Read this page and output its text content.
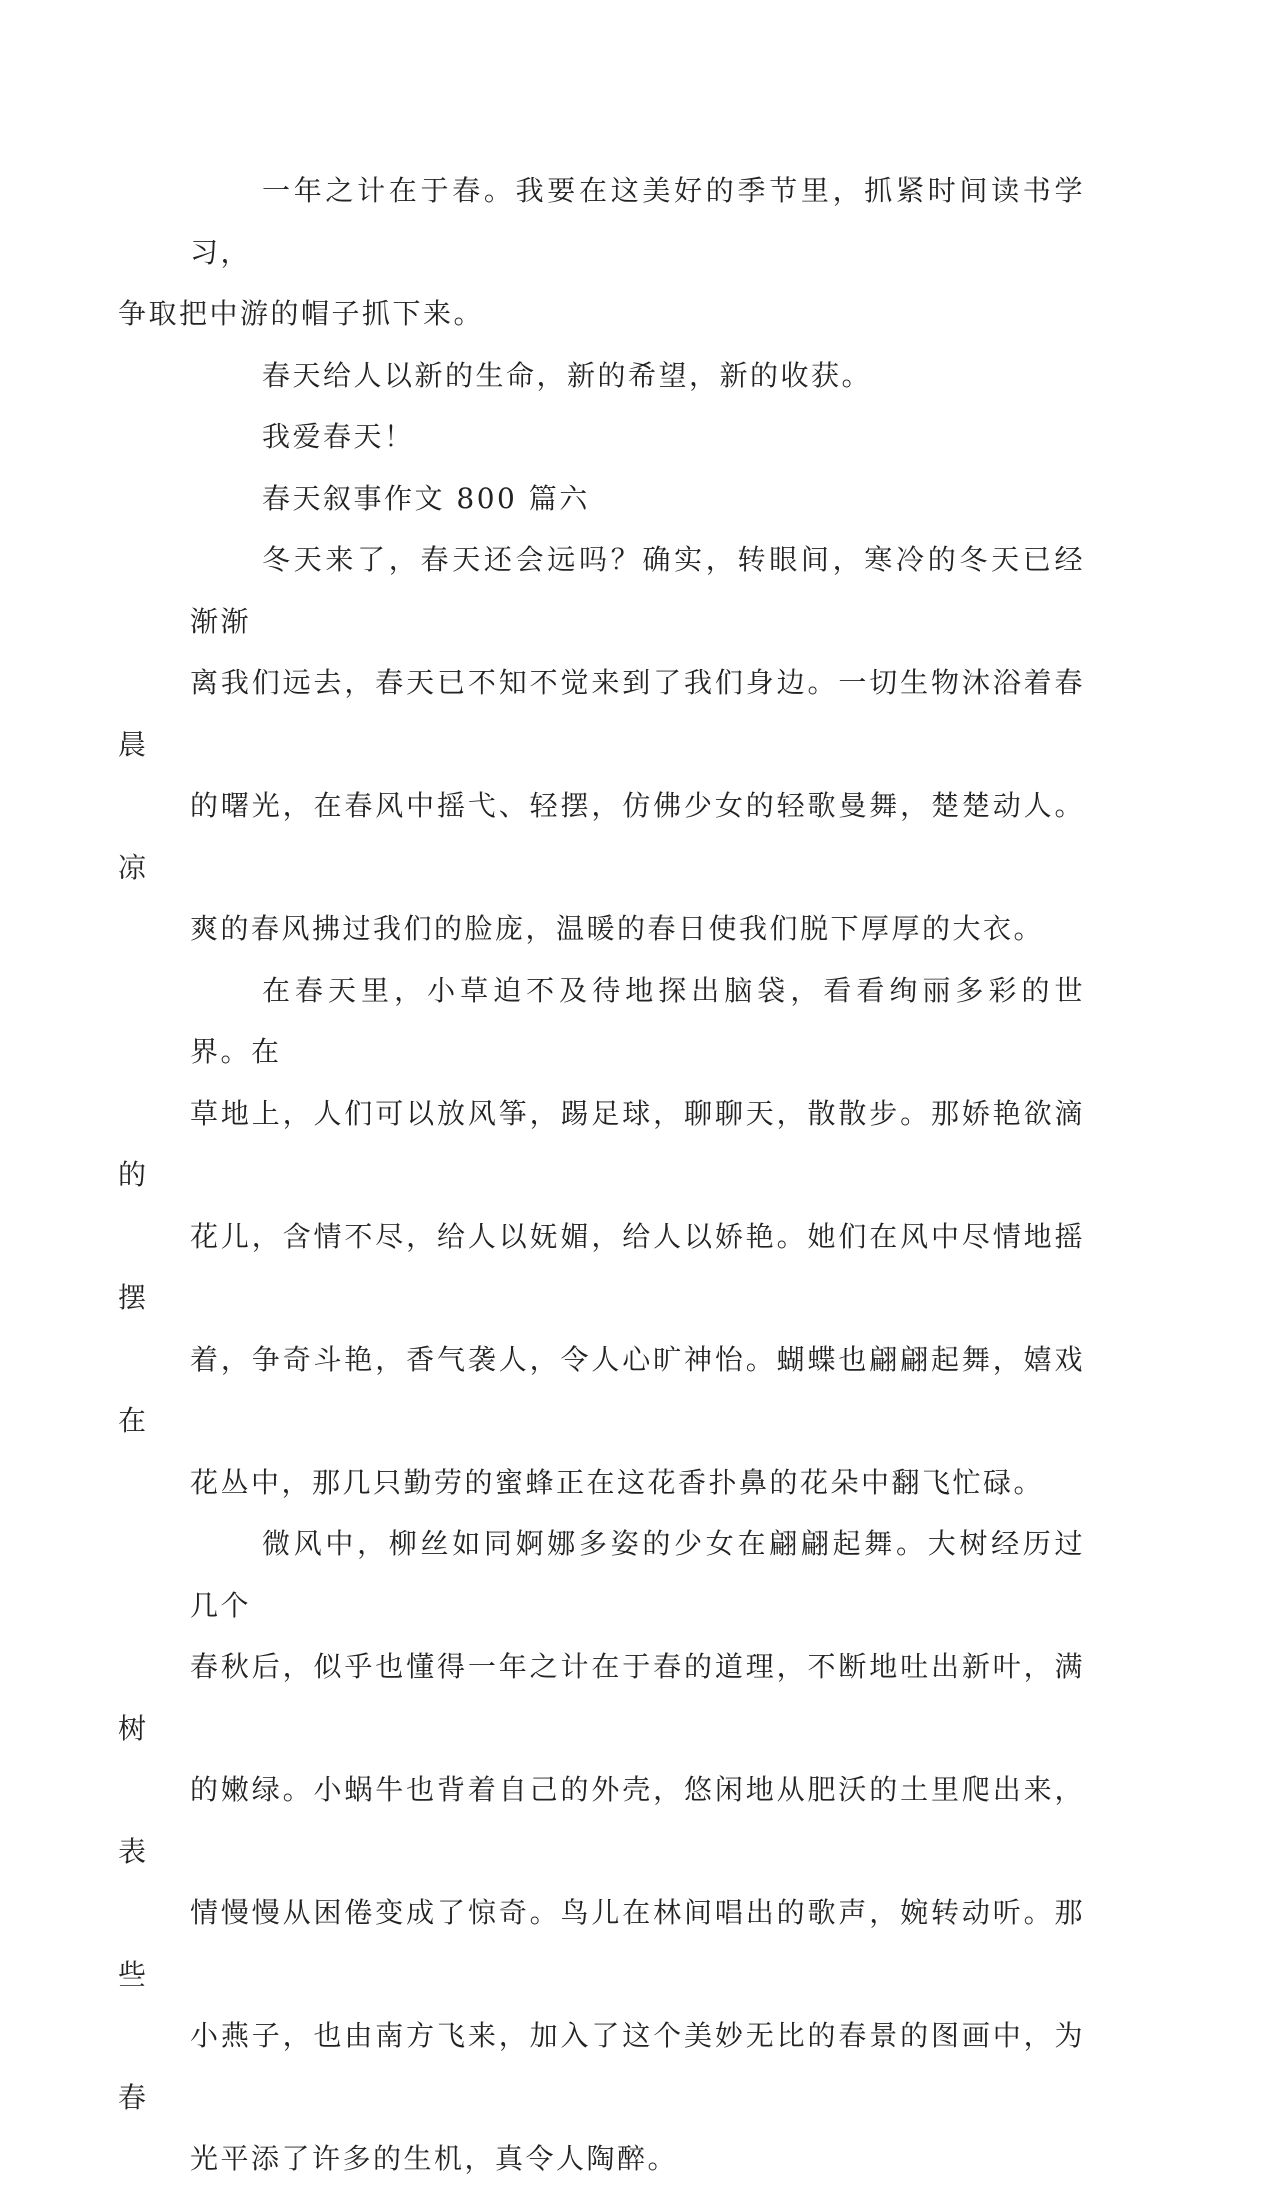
一年之计在于春。我要在这美好的季节里，抓紧时间读书学习，
争取把中游的帽子抓下来。

春天给人以新的生命，新的希望，新的收获。

我爱春天！

春天叙事作文 800 篇六

冬天来了，春天还会远吗？确实，转眼间，寒冷的冬天已经渐渐
离我们远去，春天已不知不觉来到了我们身边。一切生物沐浴着春晨
的曙光，在春风中摇弋、轻摆，仿佛少女的轻歌曼舞，楚楚动人。凉
爽的春风拂过我们的脸庞，温暖的春日使我们脱下厚厚的大衣。

在春天里，小草迫不及待地探出脑袋，看看绚丽多彩的世界。在
草地上，人们可以放风筝，踢足球，聊聊天，散散步。那娇艳欲滴的
花儿，含情不尽，给人以妩媚，给人以娇艳。她们在风中尽情地摇摆
着，争奇斗艳，香气袭人，令人心旷神怡。蝴蝶也翩翩起舞，嬉戏在
花丛中，那几只勤劳的蜜蜂正在这花香扑鼻的花朵中翻飞忙碌。

微风中，柳丝如同婀娜多姿的少女在翩翩起舞。大树经历过几个
春秋后，似乎也懂得一年之计在于春的道理，不断地吐出新叶，满树
的嫩绿。小蜗牛也背着自己的外壳，悠闲地从肥沃的土里爬出来，表
情慢慢从困倦变成了惊奇。鸟儿在林间唱出的歌声，婉转动听。那些
小燕子，也由南方飞来，加入了这个美妙无比的春景的图画中，为春
光平添了许多的生机，真令人陶醉。
